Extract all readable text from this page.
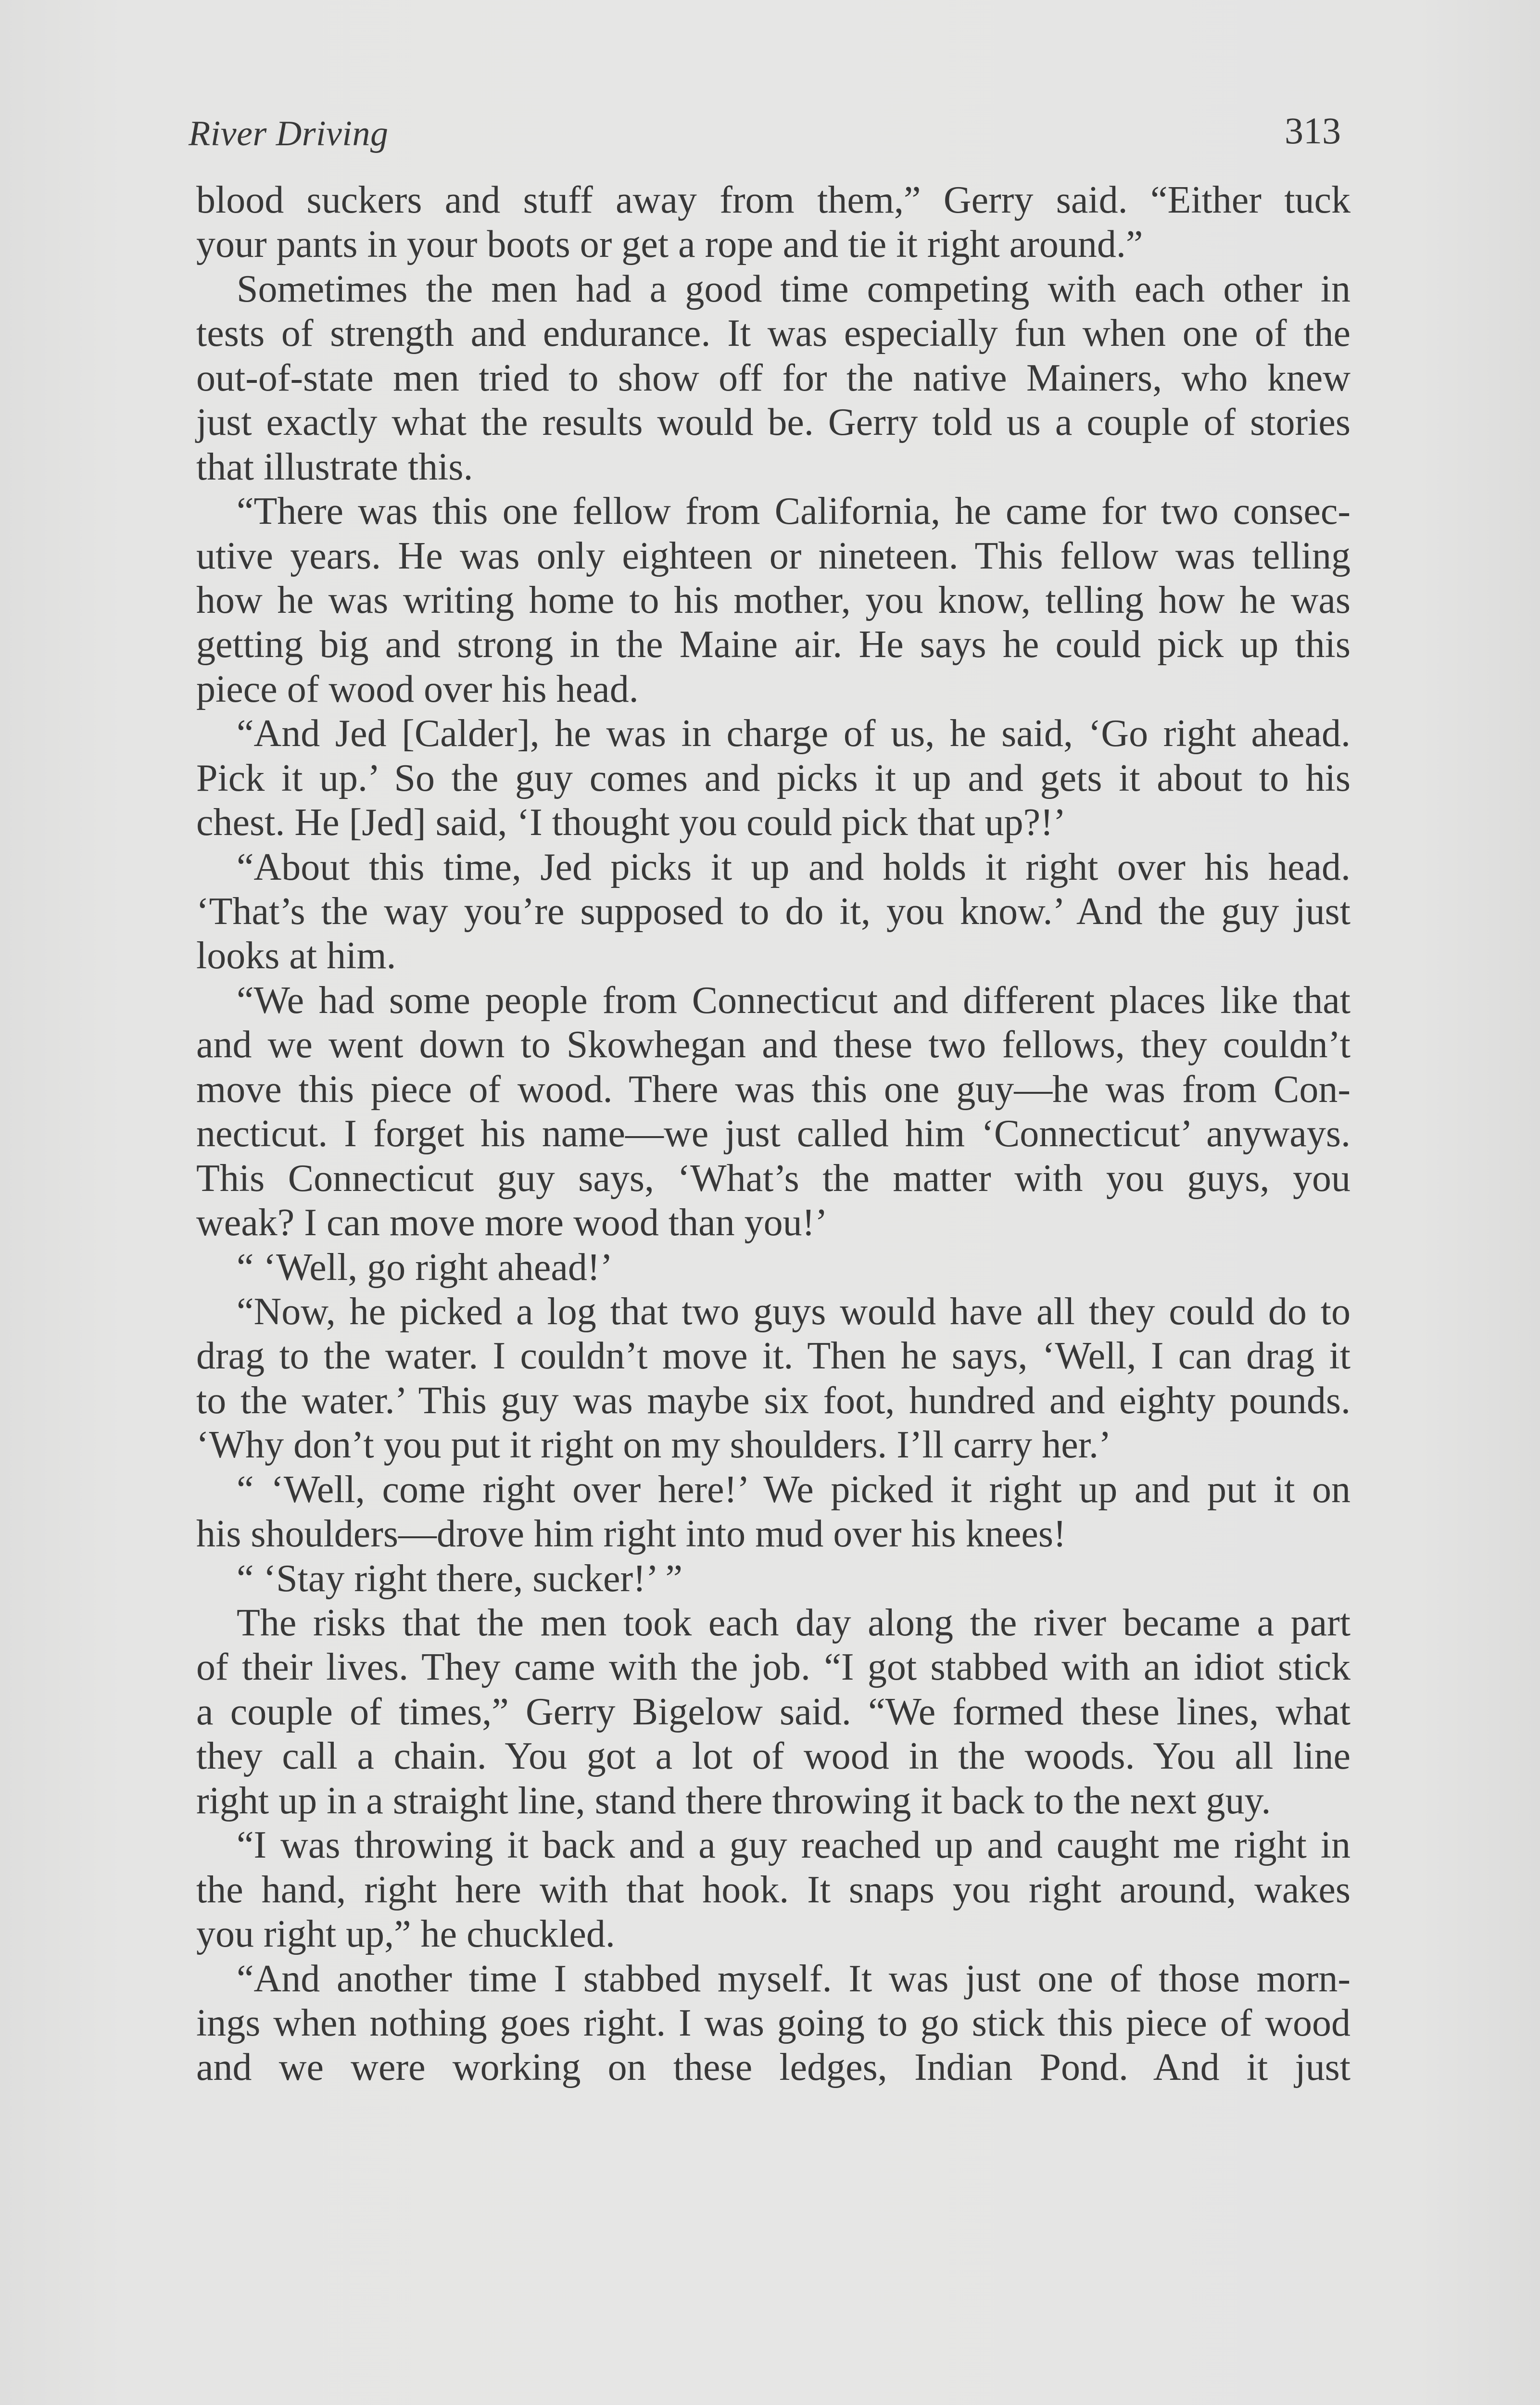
River Driving	313
blood suckers and stuff away from them,” Gerry said. “Either tuck
your pants in your boots or get a rope and tie it right around.”
Sometimes the men had a good time competing with each other in
tests of strength and endurance. It was especially fun when one of the
out-of-state men tried to show off for the native Mainers, who knew
just exactly what the results would be. Gerry told us a couple of stories
that illustrate this.
“There was this one fellow from California, he came for two consec-
utive years. He was only eighteen or nineteen. This fellow was telling
how he was writing home to his mother, you know, telling how he was
getting big and strong in the Maine air. He says he could pick up this
piece of wood over his head.
“And Jed [Calder], he was in charge of us, he said, ‘Go right ahead.
Pick it up.’ So the guy comes and picks it up and gets it about to his
chest. He [Jed] said, ‘I thought you could pick that up?!’
“About this time, Jed picks it up and holds it right over his head.
‘That’s the way you’re supposed to do it, you know.’ And the guy just
looks at him.
“We had some people from Connecticut and different places like that
and we went down to Skowhegan and these two fellows, they couldn’t
move this piece of wood. There was this one guy—he was from Con-
necticut. I forget his name—we just called him ‘Connecticut’ anyways.
This Connecticut guy says, ‘What’s the matter with you guys, you
weak? I can move more wood than you!’
“ ‘Well, go right ahead!’
“Now, he picked a log that two guys would have all they could do to
drag to the water. I couldn’t move it. Then he says, ‘Well, I can drag it
to the water.’ This guy was maybe six foot, hundred and eighty pounds.
‘Why don’t you put it right on my shoulders. I’ll carry her.’
“ ‘Well, come right over here!’ We picked it right up and put it on
his shoulders—drove him right into mud over his knees!
“ ‘Stay right there, sucker!’ ”
The risks that the men took each day along the river became a part
of their lives. They came with the job. “I got stabbed with an idiot stick
a couple of times,” Gerry Bigelow said. “We formed these lines, what
they call a chain. You got a lot of wood in the woods. You all line
right up in a straight line, stand there throwing it back to the next guy.
“I was throwing it back and a guy reached up and caught me right in
the hand, right here with that hook. It snaps you right around, wakes
you right up,” he chuckled.
“And another time I stabbed myself. It was just one of those morn-
ings when nothing goes right. I was going to go stick this piece of wood
and we were working on these ledges, Indian Pond. And it just
